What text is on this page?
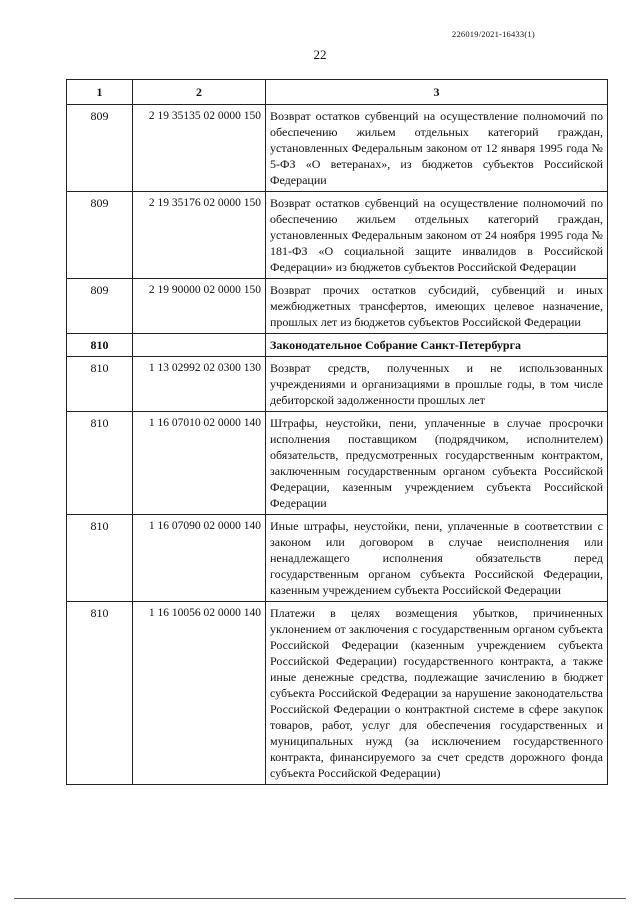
226019/2021-16433(1)
22
1	2	3
809	2 19 35135 02 0000 150	Возврат остатков субвенций на осуществление полномочий по обеспечению жильем отдельных категорий граждан, установленных Федеральным законом от 12 января 1995 года № 5-ФЗ «О ветеранах», из бюджетов субъектов Российской Федерации
809	2 19 35176 02 0000 150	Возврат остатков субвенций на осуществление полномочий по обеспечению жильем отдельных категорий граждан, установленных Федеральным законом от 24 ноября 1995 года № 181-ФЗ «О социальной защите инвалидов в Российской Федерации» из бюджетов субъектов Российской Федерации
809	2 19 90000 02 0000 150	Возврат прочих остатков субсидий, субвенций и иных межбюджетных трансфертов, имеющих целевое назначение, прошлых лет из бюджетов субъектов Российской Федерации
810		Законодательное Собрание Санкт-Петербурга
810	1 13 02992 02 0300 130	Возврат средств, полученных и не использованных учреждениями и организациями в прошлые годы, в том числе дебиторской задолженности прошлых лет
810	1 16 07010 02 0000 140	Штрафы, неустойки, пени, уплаченные в случае просрочки исполнения поставщиком (подрядчиком, исполнителем) обязательств, предусмотренных государственным контрактом, заключенным государственным органом субъекта Российской Федерации, казенным учреждением субъекта Российской Федерации
810	1 16 07090 02 0000 140	Иные штрафы, неустойки, пени, уплаченные в соответствии с законом или договором в случае неисполнения или ненадлежащего исполнения обязательств перед государственным органом субъекта Российской Федерации, казенным учреждением субъекта Российской Федерации
810	1 16 10056 02 0000 140	Платежи в целях возмещения убытков, причиненных уклонением от заключения с государственным органом субъекта Российской Федерации (казенным учреждением субъекта Российской Федерации) государственного контракта, а также иные денежные средства, подлежащие зачислению в бюджет субъекта Российской Федерации за нарушение законодательства Российской Федерации о контрактной системе в сфере закупок товаров, работ, услуг для обеспечения государственных и муниципальных нужд (за исключением государственного контракта, финансируемого за счет средств дорожного фонда субъекта Российской Федерации)
